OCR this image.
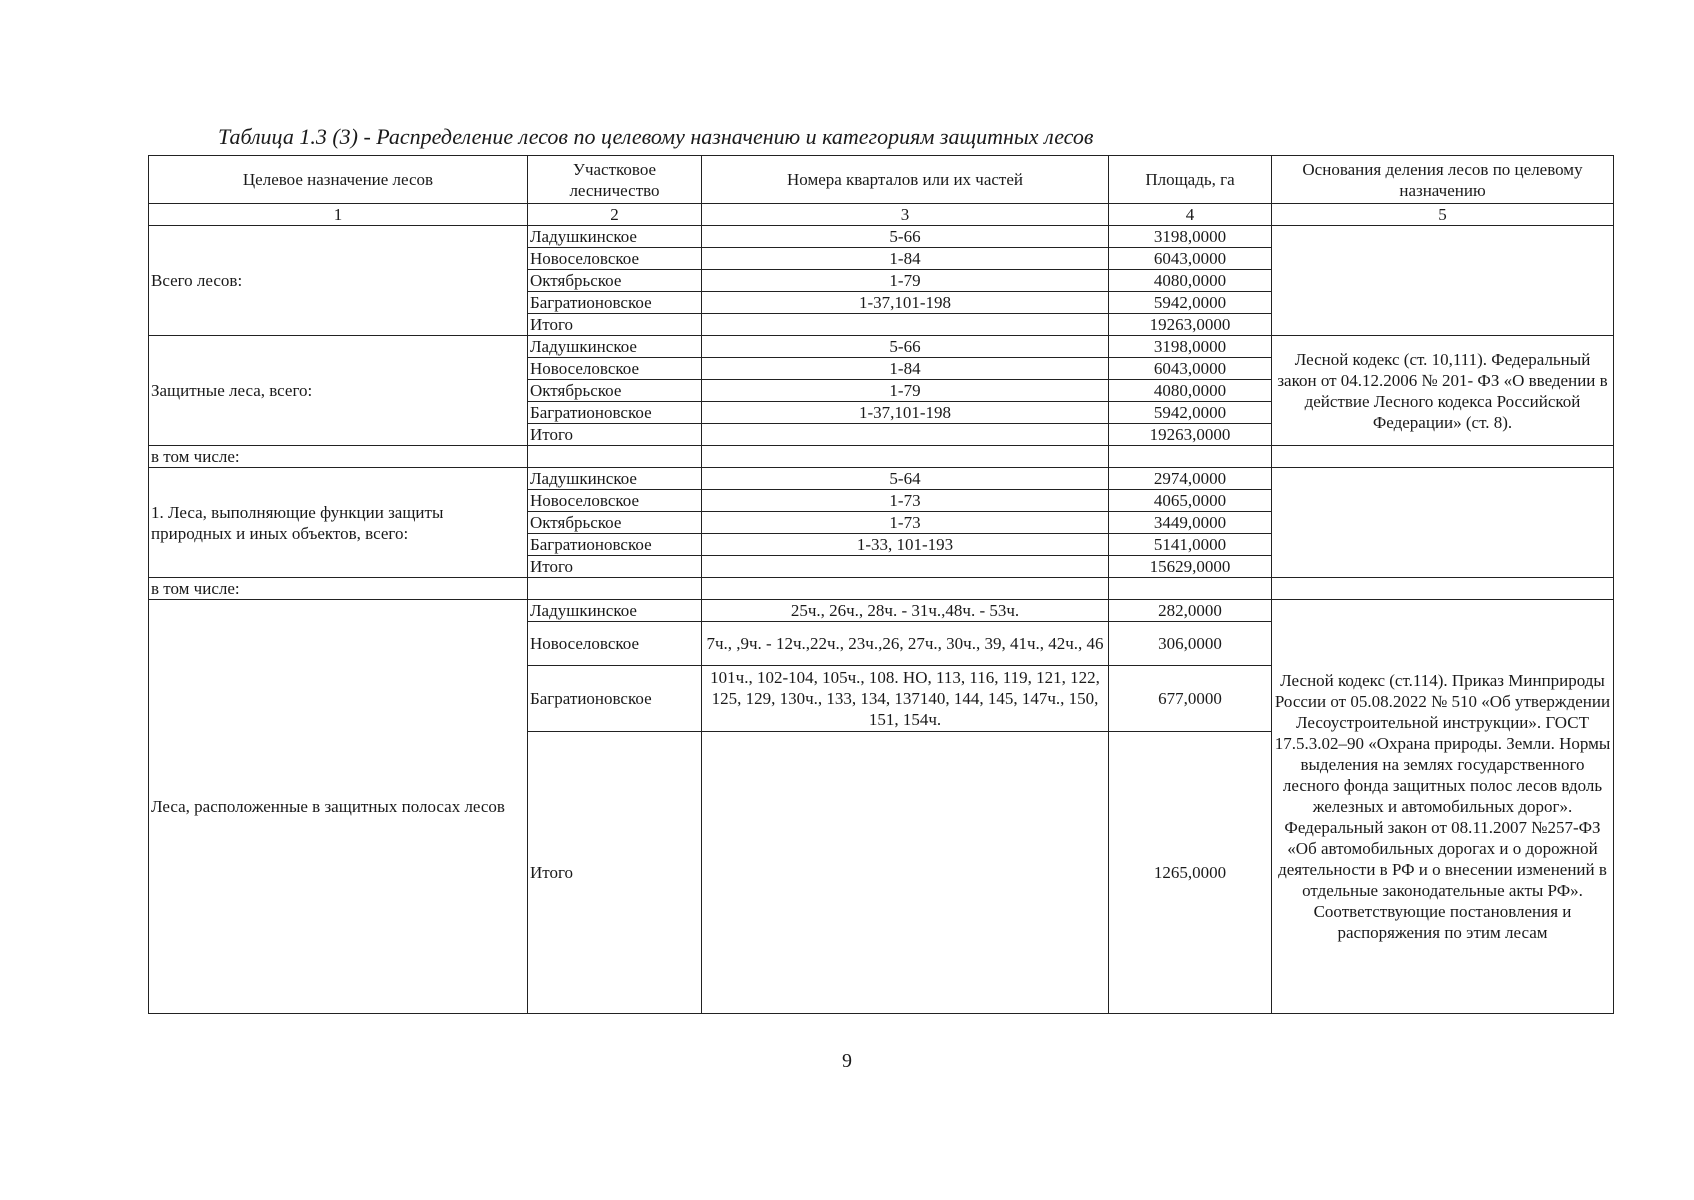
Таблица 1.3 (3) - Распределение лесов по целевому назначению и категориям защитных лесов
Целевое назначение лесов	Участковое лесничество	Номера кварталов или их частей	Площадь, га	Основания деления лесов по целевому назначению
1	2	3	4	5
Всего лесов:	Ладушкинское	5-66	3198,0000	
	Новоселовское	1-84	6043,0000	
	Октябрьское	1-79	4080,0000	
	Багратионовское	1-37,101-198	5942,0000	
	Итого		19263,0000	
Защитные леса, всего:	Ладушкинское	5-66	3198,0000	Лесной кодекс (ст. 10,111). Федеральный закон от 04.12.2006 № 201- ФЗ «О введении в действие Лесного кодекса Российской Федерации» (ст. 8).
	Новоселовское	1-84	6043,0000	
	Октябрьское	1-79	4080,0000	
	Багратионовское	1-37,101-198	5942,0000	
	Итого		19263,0000	
в том числе:				
1. Леса, выполняющие функции защиты природных и иных объектов, всего:	Ладушкинское	5-64	2974,0000	
	Новоселовское	1-73	4065,0000	
	Октябрьское	1-73	3449,0000	
	Багратионовское	1-33, 101-193	5141,0000	
	Итого		15629,0000	
в том числе:				
Леса, расположенные в защитных полосах лесов	Ладушкинское	25ч., 26ч., 28ч. - 31ч.,48ч. - 53ч.	282,0000	Лесной кодекс (ст.114). Приказ Минприроды России от 05.08.2022 № 510 «Об утверждении Лесоустроительной инструкции». ГОСТ 17.5.3.02–90 «Охрана природы. Земли. Нормы выделения на землях государственного лесного фонда защитных полос лесов вдоль железных и автомобильных дорог». Федеральный закон от 08.11.2007 №257-ФЗ «Об автомобильных дорогах и о дорожной деятельности в РФ и о внесении изменений в отдельные законодательные акты РФ». Соответствующие постановления и распоряжения по этим лесам
	Новоселовское	7ч., ,9ч. - 12ч.,22ч., 23ч.,26, 27ч., 30ч., 39, 41ч., 42ч., 46	306,0000	
	Багратионовское	101ч., 102-104, 105ч., 108. НО, 113, 116, 119, 121, 122, 125, 129, 130ч., 133, 134, 137140, 144, 145, 147ч., 150, 151, 154ч.	677,0000	
	Итого		1265,0000	
9
